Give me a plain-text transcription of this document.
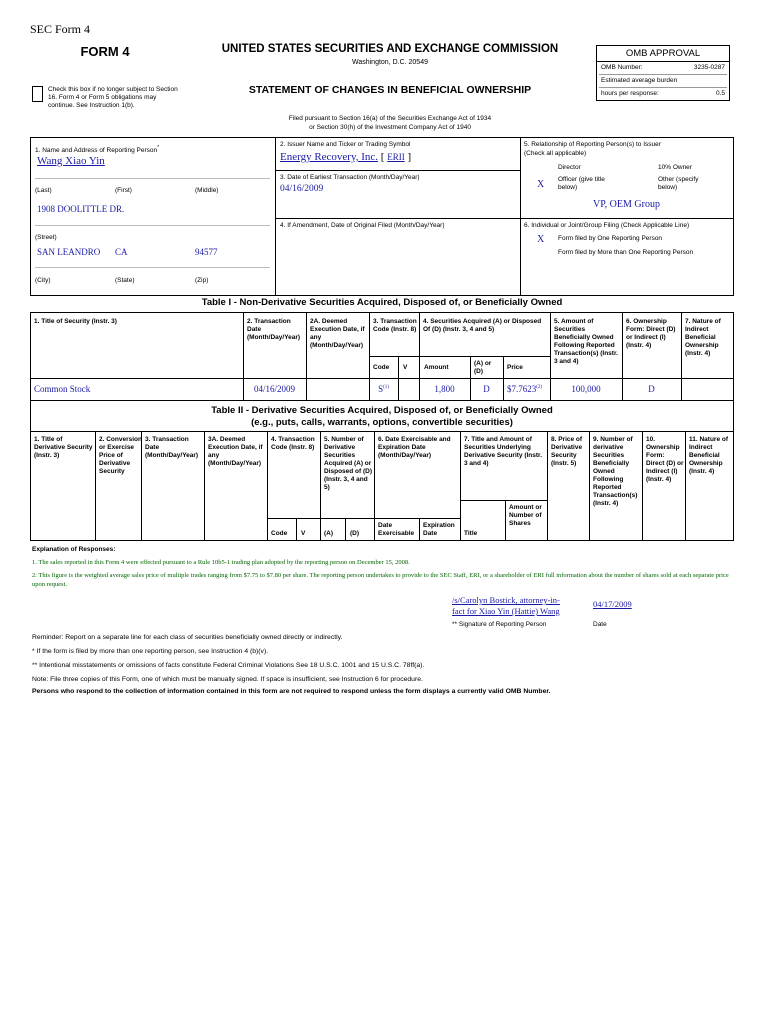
SEC Form 4
FORM 4	UNITED STATES SECURITIES AND EXCHANGE COMMISSION
Washington, D.C. 20549
Check this box if no longer subject to Section 16. Form 4 or Form 5 obligations may continue. See Instruction 1(b).
STATEMENT OF CHANGES IN BENEFICIAL OWNERSHIP
OMB APPROVAL
OMB Number:	3235-0287
Estimated average burden
hours per response:	0.5
Filed pursuant to Section 16(a) of the Securities Exchange Act of 1934
or Section 30(h) of the Investment Company Act of 1940
1. Name and Address of Reporting Person*
Wang Xiao Yin
(Last)	(First)	(Middle)
1908 DOOLITTLE DR.
(Street)
SAN LEANDRO CA	94577
(City)	(State)	(Zip)
2. Issuer Name and Ticker or Trading Symbol
Energy Recovery, Inc. [ ERII ]
3. Date of Earliest Transaction (Month/Day/Year)
04/16/2009
4. If Amendment, Date of Original Filed (Month/Day/Year)
5. Relationship of Reporting Person(s) to Issuer
(Check all applicable)
Director	10% Owner
X Officer (give title below)
Other (specify below)
VP, OEM Group
6. Individual or Joint/Group Filing (Check Applicable Line)
X Form filed by One Reporting Person
Form filed by More than One Reporting Person
Table I - Non-Derivative Securities Acquired, Disposed of, or Beneficially Owned
1. Title of Security (Instr. 3)	2. Transaction Date (Month/Day/Year)
2A. Deemed Execution Date, if any (Month/Day/Year)
3. Transaction Code (Instr. 8)
4. Securities Acquired (A) or Disposed Of (D) (Instr. 3, 4 and 5)
5. Amount of Securities Beneficially Owned Following Reported Transaction(s) (Instr. 3 and 4)
6. Ownership Form: Direct (D) or Indirect (I) (Instr. 4)
7. Nature of Indirect Beneficial Ownership (Instr. 4)
Code V	Amount
(A) or (D)
Price
Common Stock	04/16/2009	$S^{(1)}$	1,800	D	$7.7623$^{(2)}$	100,000	D
Table II - Derivative Securities Acquired, Disposed of, or Beneficially Owned
(e.g., puts, calls, warrants, options, convertible securities)
1. Title of Derivative Security (Instr. 3)
2. Conversion or Exercise Price of Derivative Security
3. Transaction Date (Month/Day/Year)
3A. Deemed Execution Date, if any (Month/Day/Year)
4. Transaction Code (Instr. 8)
5. Number of Derivative Securities Acquired (A) or Disposed of (D) (Instr. 3, 4 and 5)
6. Date Exercisable and Expiration Date (Month/Day/Year)
7. Title and Amount of Securities Underlying Derivative Security (Instr. 3 and 4)
8. Price of Derivative Security (Instr. 5)
9. Number of derivative Securities Beneficially Owned Following Reported Transaction(s) (Instr. 4)
10. Ownership Form: Direct (D) or Indirect (I) (Instr. 4)
11. Nature of Indirect Beneficial Ownership (Instr. 4)
Code V	(A)	(D)
Date Exercisable
Expiration Date	Title
Amount or Number of Shares
Explanation of Responses:
1. The sales reported in this Form 4 were effected pursuant to a Rule 10b5-1 trading plan adopted by the reporting person on December 15, 2008.
2. This figure is the weighted average sales price of multiple trades ranging from $7.75 to $7.80 per share. The reporting person undertakes to provide to the SEC Staff, ERI, or a shareholder of ERI full information about the number of shares sold at each separate price upon request.
/s/Carolyn Bostick, attorney-in-
fact for Xiao Yin (Hattie) Wang
04/17/2009
** Signature of Reporting Person	Date
Reminder: Report on a separate line for each class of securities beneficially owned directly or indirectly.
* If the form is filed by more than one reporting person, see Instruction 4 (b)(v).
** Intentional misstatements or omissions of facts constitute Federal Criminal Violations See 18 U.S.C. 1001 and 15 U.S.C. 78ff(a).
Note: File three copies of this Form, one of which must be manually signed. If space is insufficient, see Instruction 6 for procedure.
Persons who respond to the collection of information contained in this form are not required to respond unless the form displays a currently valid OMB Number.
